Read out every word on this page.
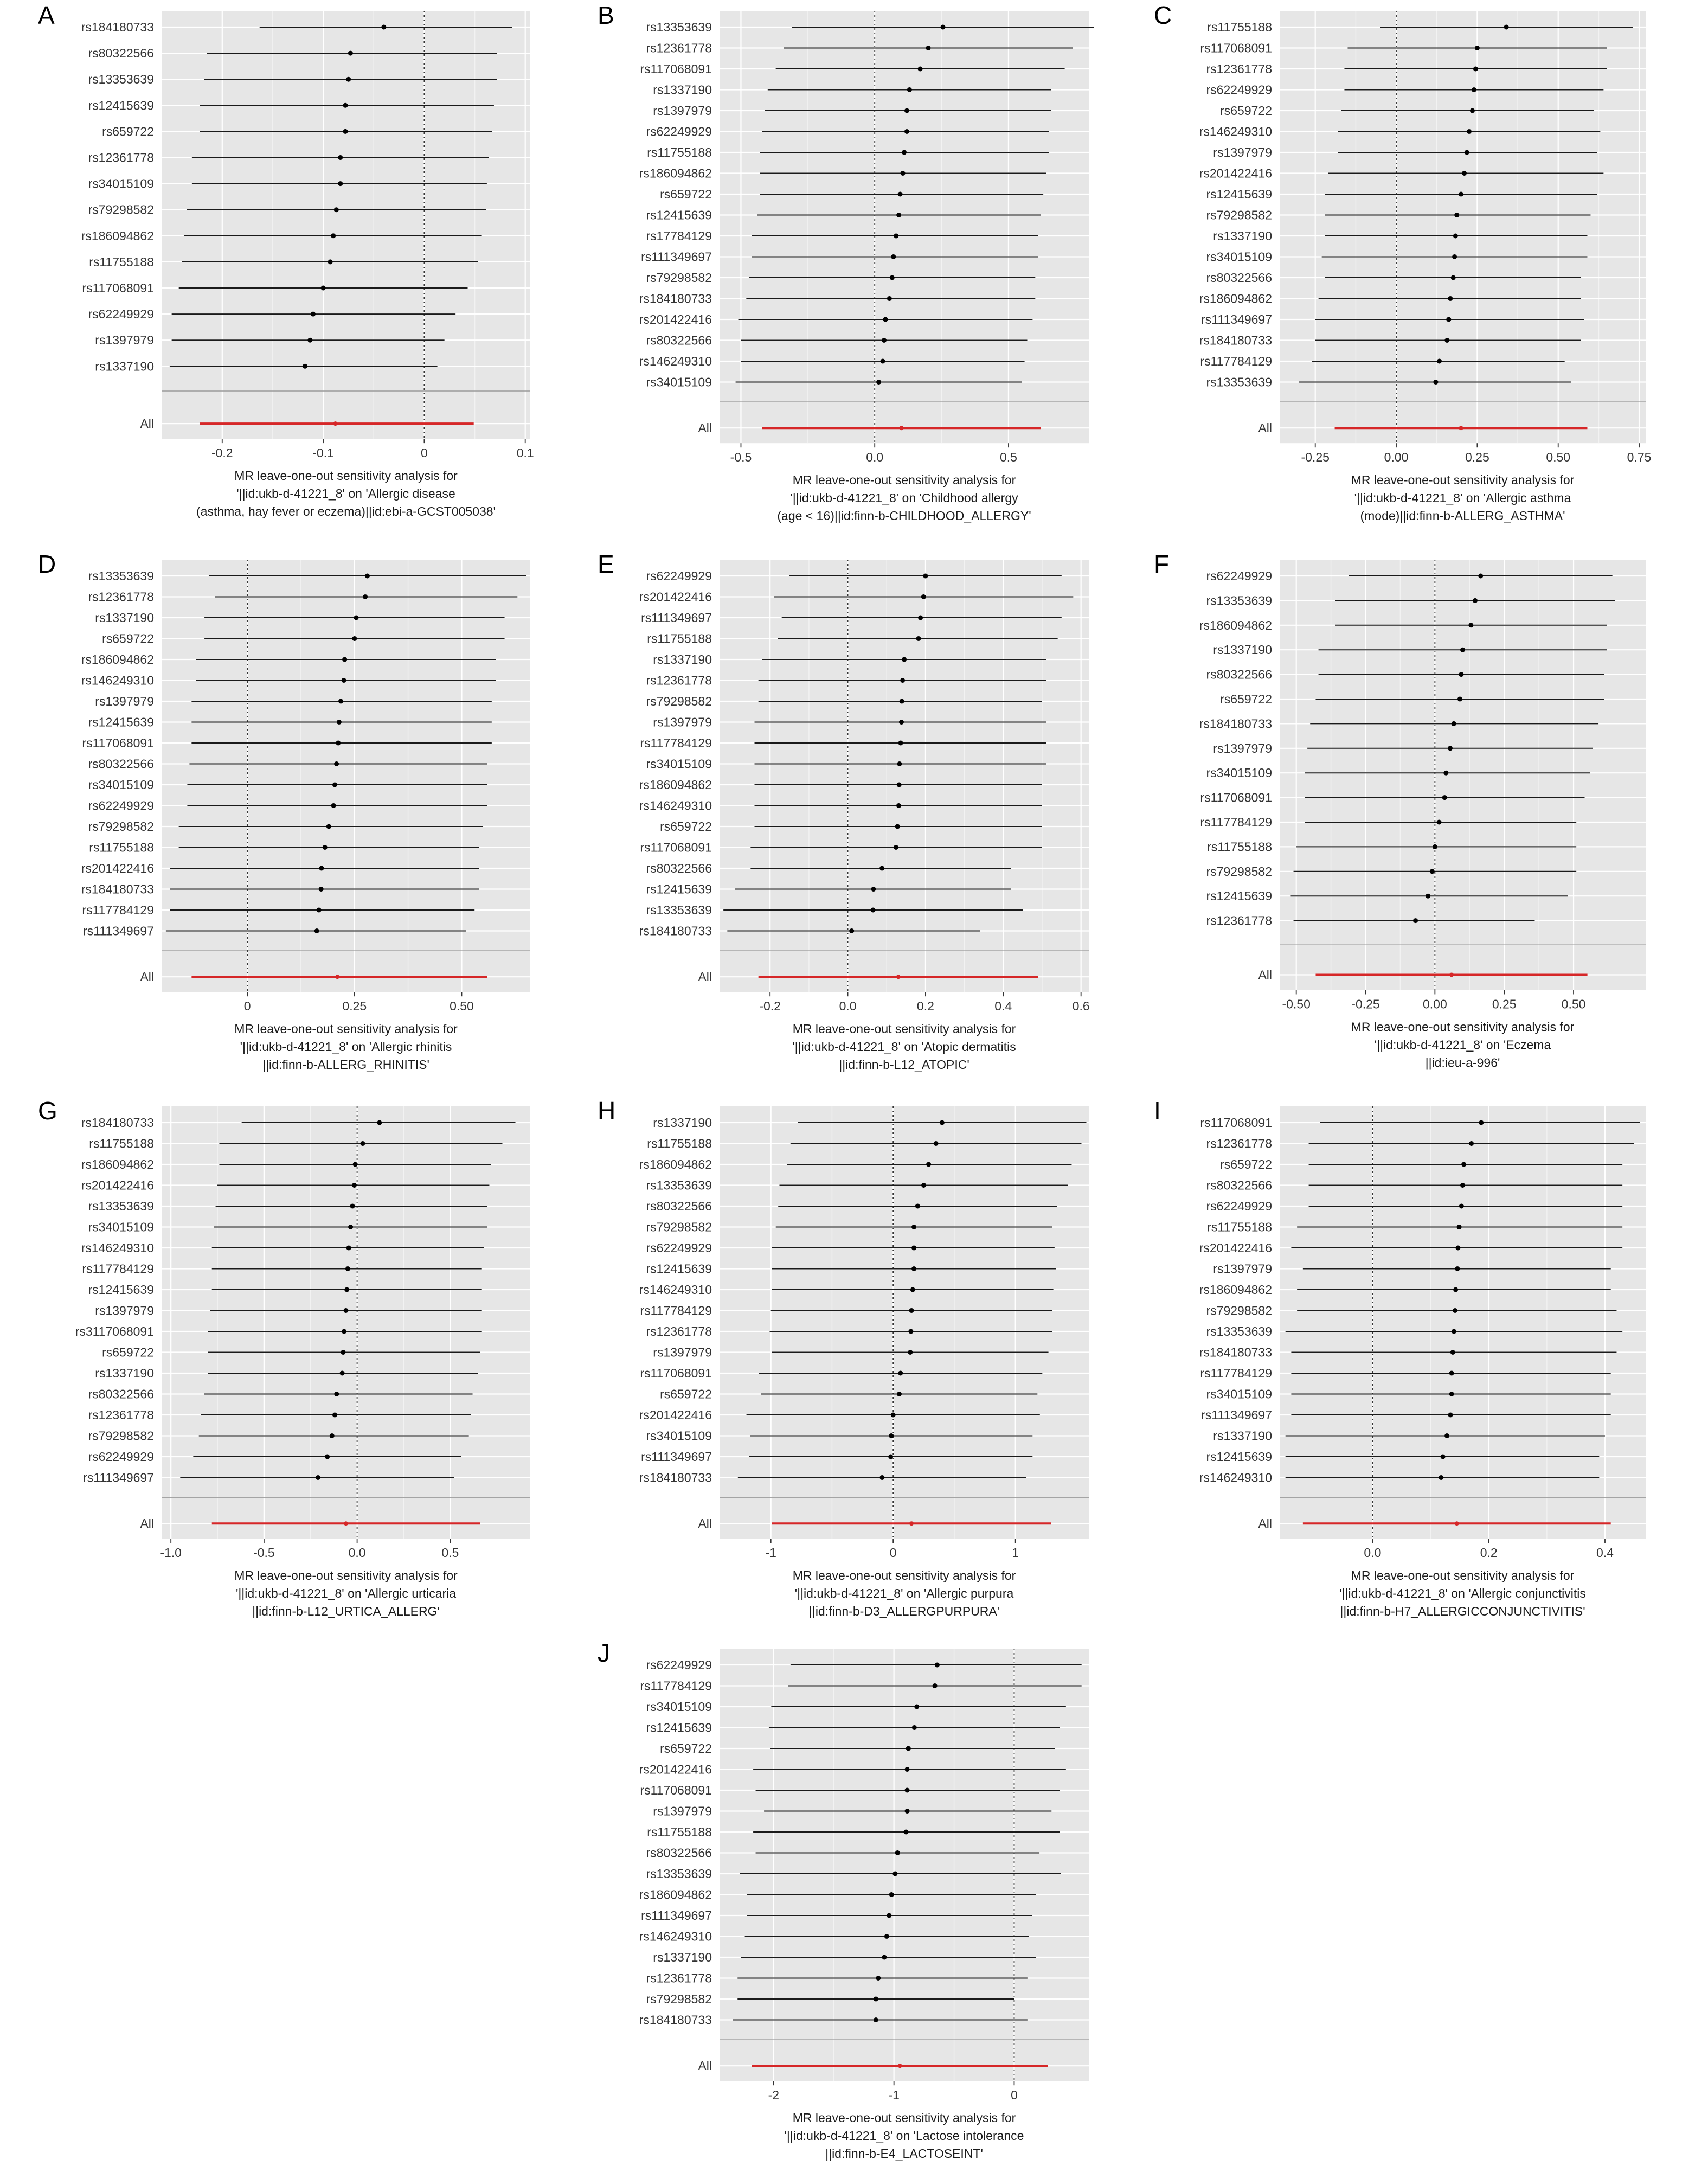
rs184180733
rs80322566
rs13353639
rs12415639
rs659722
rs12361778
rs34015109
rs79298582
rs186094862
rs11755188
rs117068091
rs62249929
rs1397979
rs1337190
All
-0.2	-0.1	0	0.1
MR leave-one-out sensitivity analysis for
'||id:ukb-d-41221_8' on 'Allergic disease
(asthma, hay fever or eczema)||id:ebi-a-GCST005038'
A	rs13353639
rs12361778
rs117068091
rs1337190
rs1397979
rs62249929
rs11755188
rs186094862
rs659722
rs12415639
rs17784129
rs111349697
rs79298582
rs184180733
rs201422416
rs80322566
rs146249310
rs34015109
All
-0.5	0.0	0.5
MR leave-one-out sensitivity analysis for
'||id:ukb-d-41221_8' on 'Childhood allergy
(age < 16)||id:finn-b-CHILDHOOD_ALLERGY'
B	rs11755188
rs117068091
rs12361778
rs62249929
rs659722
rs146249310
rs1397979
rs201422416
rs12415639
rs79298582
rs1337190
rs34015109
rs80322566
rs186094862
rs111349697
rs184180733
rs117784129
rs13353639
All
-0.25	0.00	0.25	0.50	0.75
MR leave-one-out sensitivity analysis for
'||id:ukb-d-41221_8' on 'Allergic asthma
(mode)||id:finn-b-ALLERG_ASTHMA'
C
rs13353639
rs12361778
rs1337190
rs659722
rs186094862
rs146249310
rs1397979
rs12415639
rs117068091
rs80322566
rs34015109
rs62249929
rs79298582
rs11755188
rs201422416
rs184180733
rs117784129
rs111349697
All
0	0.25	0.50
MR leave-one-out sensitivity analysis for
'||id:ukb-d-41221_8' on 'Allergic rhinitis
||id:finn-b-ALLERG_RHINITIS'
D	rs62249929
rs201422416
rs111349697
rs11755188
rs1337190
rs12361778
rs79298582
rs1397979
rs117784129
rs34015109
rs186094862
rs146249310
rs659722
rs117068091
rs80322566
rs12415639
rs13353639
rs184180733
All
-0.2	0.0	0.2	0.4	0.6
MR leave-one-out sensitivity analysis for
'||id:ukb-d-41221_8' on 'Atopic dermatitis
||id:finn-b-L12_ATOPIC'
E	rs62249929
rs13353639
rs186094862
rs1337190
rs80322566
rs659722
rs184180733
rs1397979
rs34015109
rs117068091
rs117784129
rs11755188
rs79298582
rs12415639
rs12361778
All
-0.50	-0.25	0.00	0.25	0.50
MR leave-one-out sensitivity analysis for
'||id:ukb-d-41221_8' on 'Eczema
||id:ieu-a-996'
F
rs184180733
rs11755188
rs186094862
rs201422416
rs13353639
rs34015109
rs146249310
rs117784129
rs12415639
rs1397979
rs3117068091
rs659722
rs1337190
rs80322566
rs12361778
rs79298582
rs62249929
rs111349697
All
-1.0	-0.5	0.0	0.5
MR leave-one-out sensitivity analysis for
'||id:ukb-d-41221_8' on 'Allergic urticaria
||id:finn-b-L12_URTICA_ALLERG'
G	rs1337190
rs11755188
rs186094862
rs13353639
rs80322566
rs79298582
rs62249929
rs12415639
rs146249310
rs117784129
rs12361778
rs1397979
rs117068091
rs659722
rs201422416
rs34015109
rs111349697
rs184180733
All
-1	0	1
MR leave-one-out sensitivity analysis for
'||id:ukb-d-41221_8' on 'Allergic purpura
||id:finn-b-D3_ALLERGPURPURA'
H	rs117068091
rs12361778
rs659722
rs80322566
rs62249929
rs11755188
rs201422416
rs1397979
rs186094862
rs79298582
rs13353639
rs184180733
rs117784129
rs34015109
rs111349697
rs1337190
rs12415639
rs146249310
All
0.0	0.2	0.4
MR leave-one-out sensitivity analysis for
'||id:ukb-d-41221_8' on 'Allergic conjunctivitis
||id:finn-b-H7_ALLERGICCONJUNCTIVITIS'
I
rs62249929
rs117784129
rs34015109
rs12415639
rs659722
rs201422416
rs117068091
rs1397979
rs11755188
rs80322566
rs13353639
rs186094862
rs111349697
rs146249310
rs1337190
rs12361778
rs79298582
rs184180733
All
-2	-1	0
MR leave-one-out sensitivity analysis for
'||id:ukb-d-41221_8' on 'Lactose intolerance
||id:finn-b-E4_LACTOSEINT'
J
